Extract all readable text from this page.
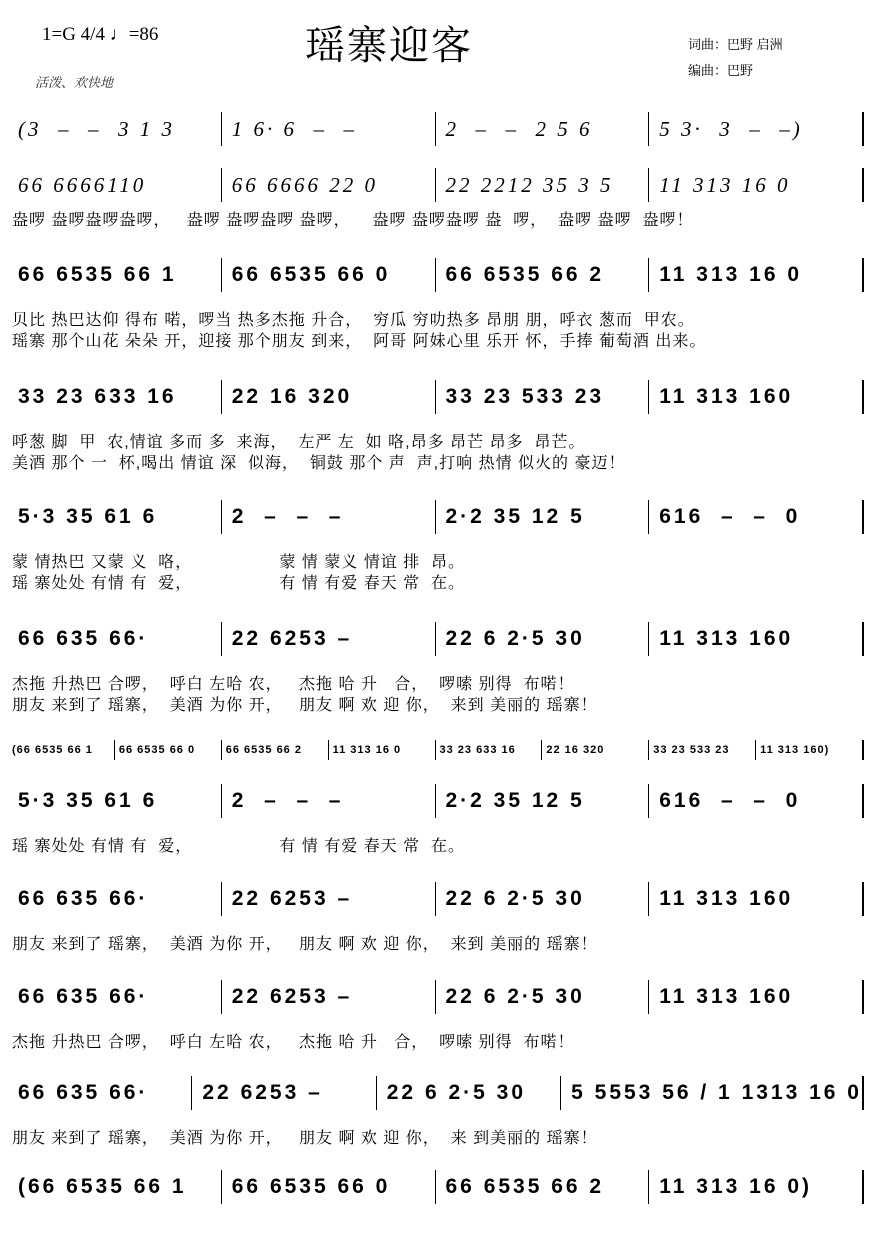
瑶寨迎客
1=G 4/4 ♩=86
活泼、欢快地
词曲：巴野 启洲
编曲：巴野
(3  –  –  3 1 3	1 6· 6  –  –	2  –  –  2 5 6	5 3·  3  –  –)
66 6666110	66 6666 22 0	22 2212 35 3 5	11 313 16 0
盎啰 盎啰盎啰盎啰，   盎啰 盎啰盎啰 盎啰，    盎啰 盎啰盎啰 盎  啰，  盎啰 盎啰  盎啰！
66 6535 66 1	66 6535 66 0	66 6535 66 2	11 313 16 0
贝比 热巴达仰 得布 喏，啰当 热多杰拖 升合，  穷瓜 穷叻热多 昂朋 朋，呼衣 葱而  甲农。
瑶寨 那个山花 朵朵 开，迎接 那个朋友 到来，  阿哥 阿妹心里 乐开 怀，手捧 葡萄酒 出来。
33 23 633 16	22 16 320	33 23 533 23	11 313 160
呼葱 脚  甲  农,情谊 多而 多  来海，  左严 左  如 咯,昂多 昂芒 昂多  昂芒。
美酒 那个 一  杯,喝出 情谊 深  似海，  铜鼓 那个 声  声,打响 热情 似火的 豪迈！
5·3 35 61 6	2  –  –  –	2·2 35 12 5	616  –  –  0
蒙 情热巴 又蒙 义  咯，                蒙 情 蒙义 情谊 排  昂。
瑶 寨处处 有情 有  爱，                有 情 有爱 春天 常  在。
66 635 66·	22 6253 –	22 6 2·5 30	11 313 160
杰拖 升热巴 合啰，  呼白 左哈 农，   杰拖 哈 升   合，  啰嗦 别得  布喏！
朋友 来到了 瑶寨，  美酒 为你 开，   朋友 啊 欢 迎 你，  来到 美丽的 瑶寨！
(66 6535 66 1	66 6535 66 0	66 6535 66 2	11 313 16 0	33 23 633 16	22 16 320	33 23 533 23	11 313 160)
5·3 35 61 6	2  –  –  –	2·2 35 12 5	616  –  –  0
瑶 寨处处 有情 有  爱，                有 情 有爱 春天 常  在。
66 635 66·	22 6253 –	22 6 2·5 30	11 313 160
朋友 来到了 瑶寨，  美酒 为你 开，   朋友 啊 欢 迎 你，  来到 美丽的 瑶寨！
66 635 66·	22 6253 –	22 6 2·5 30	11 313 160
杰拖 升热巴 合啰，  呼白 左哈 农，   杰拖 哈 升   合，  啰嗦 别得  布喏！
66 635 66·	22 6253 –	22 6 2·5 30	5 5553 56 / 1 1313 16 0
朋友 来到了 瑶寨，  美酒 为你 开，   朋友 啊 欢 迎 你，  来 到美丽的 瑶寨！
(66 6535 66 1	66 6535 66 0	66 6535 66 2	11 313 16 0)
